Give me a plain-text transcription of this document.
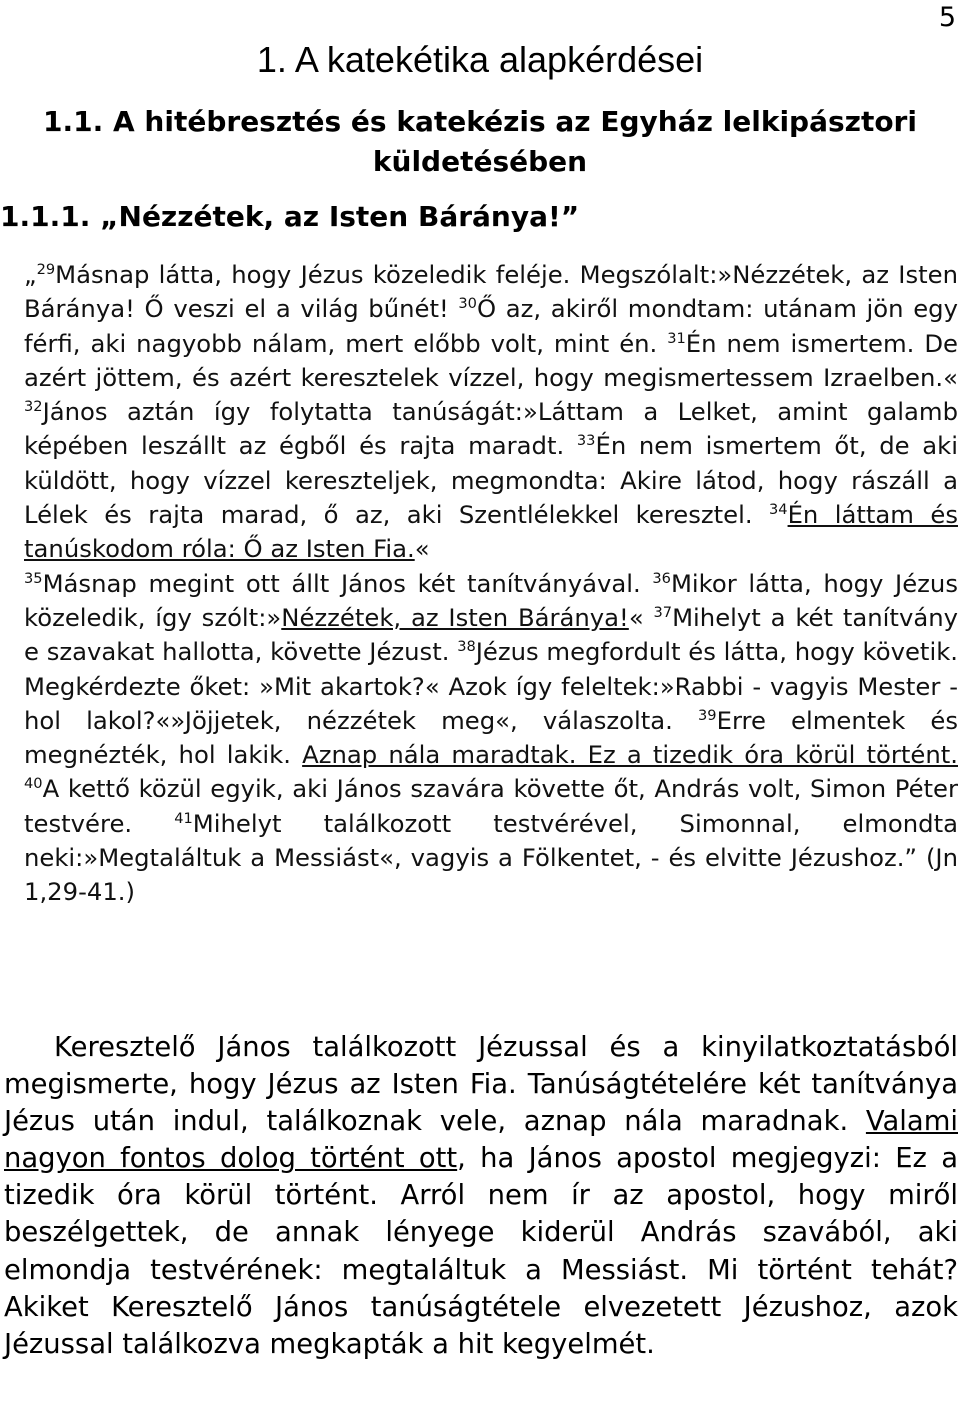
5
1. A katekétika alapkérdései
1.1. A hitébresztés és katekézis az Egyház lelkipásztori küldetésében
1.1.1. „Nézzétek, az Isten Báránya!”

„$^{29}$Másnap látta, hogy Jézus közeledik feléje. Megszólalt:»Nézzétek, az Isten Báránya! Ő veszi el a világ bűnét! $^{30}$Ő az, akiről mondtam: utánam jön egy férfi, aki nagyobb nálam, mert előbb volt, mint én. $^{31}$Én nem ismertem. De azért jöttem, és azért keresztelek vízzel, hogy megismertessem Izraelben.« $^{32}$János aztán így folytatta tanúságát:»Láttam a Lelket, amint galamb képében leszállt az égből és rajta maradt. $^{33}$Én nem ismertem őt, de aki küldött, hogy vízzel kereszteljek, megmondta: Akire látod, hogy rászáll a Lélek és rajta marad, ő az, aki Szentlélekkel keresztel. $^{34}$Én láttam és tanúskodom róla: Ő az Isten Fia.«
$^{35}$Másnap megint ott állt János két tanítványával. $^{36}$Mikor látta, hogy Jézus közeledik, így szólt:»Nézzétek, az Isten Báránya!« $^{37}$Mihelyt a két tanítvány e szavakat hallotta, követte Jézust. $^{38}$Jézus megfordult és látta, hogy követik. Megkérdezte őket: »Mit akartok?« Azok így feleltek:»Rabbi - vagyis Mester - hol lakol?«»Jöjjetek, nézzétek meg«, válaszolta. $^{39}$Erre elmentek és megnézték, hol lakik. Aznap nála maradtak. Ez a tizedik óra körül történt. $^{40}$A kettő közül egyik, aki János szavára követte őt, András volt, Simon Péter testvére. $^{41}$Mihelyt találkozott testvérével, Simonnal, elmondta neki:»Megtaláltuk a Messiást«, vagyis a Fölkentet, - és elvitte Jézushoz.” (Jn 1,29-41.)

Keresztelő János találkozott Jézussal és a kinyilatkoztatásból megismerte, hogy Jézus az Isten Fia. Tanúságtételére két tanítványa Jézus után indul, találkoznak vele, aznap nála maradnak. Valami nagyon fontos dolog történt ott, ha János apostol megjegyzi: Ez a tizedik óra körül történt. Arról nem ír az apostol, hogy miről beszélgettek, de annak lényege kiderül András szavából, aki elmondja testvérének: megtaláltuk a Messiást. Mi történt tehát? Akiket Keresztelő János tanúságtétele elvezetett Jézushoz, azok Jézussal találkozva megkapták a hit kegyelmét.
